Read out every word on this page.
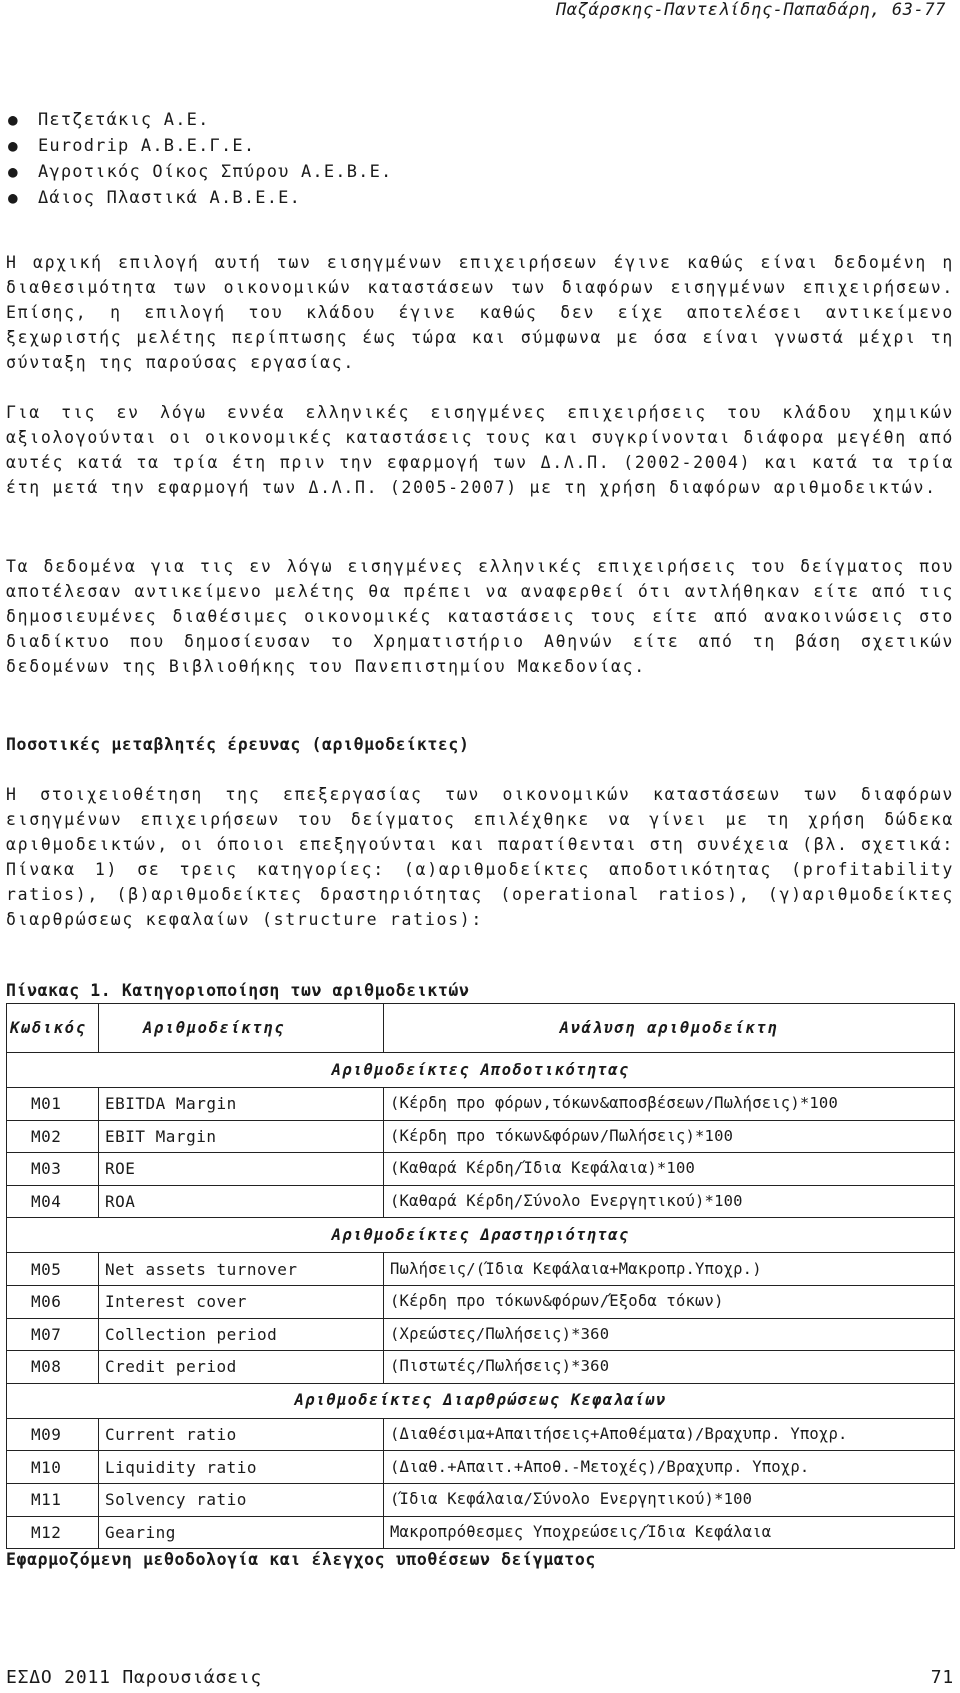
Παζάρσκης-Παντελίδης-Παπαδάρη, 63-77
● Πετζετάκις Α.Ε.
● Eurodrip Α.Β.Ε.Γ.Ε.
● Αγροτικός Οίκος Σπύρου Α.Ε.Β.Ε.
● Δάιος Πλαστικά Α.Β.Ε.Ε.

Η αρχική επιλογή αυτή των εισηγμένων επιχειρήσεων έγινε καθώς είναι δεδομένη η διαθεσιμότητα των οικονομικών καταστάσεων των διαφόρων εισηγμένων επιχειρήσεων. Επίσης, η επιλογή του κλάδου έγινε καθώς δεν είχε αποτελέσει αντικείμενο ξεχωριστής μελέτης περίπτωσης έως τώρα και σύμφωνα με όσα είναι γνωστά μέχρι τη σύνταξη της παρούσας εργασίας.

Για τις εν λόγω εννέα ελληνικές εισηγμένες επιχειρήσεις του κλάδου χημικών αξιολογούνται οι οικονομικές καταστάσεις τους και συγκρίνονται διάφορα μεγέθη από αυτές κατά τα τρία έτη πριν την εφαρμογή των Δ.Λ.Π. (2002-2004) και κατά τα τρία έτη μετά την εφαρμογή των Δ.Λ.Π. (2005-2007) με τη χρήση διαφόρων αριθμοδεικτών.

Τα δεδομένα για τις εν λόγω εισηγμένες ελληνικές επιχειρήσεις του δείγματος που αποτέλεσαν αντικείμενο μελέτης θα πρέπει να αναφερθεί ότι αντλήθηκαν είτε από τις δημοσιευμένες διαθέσιμες οικονομικές καταστάσεις τους είτε από ανακοινώσεις στο διαδίκτυο που δημοσίευσαν το Χρηματιστήριο Αθηνών είτε από τη βάση σχετικών δεδομένων της Βιβλιοθήκης του Πανεπιστημίου Μακεδονίας.

Ποσοτικές μεταβλητές έρευνας (αριθμοδείκτες)

Η στοιχειοθέτηση της επεξεργασίας των οικονομικών καταστάσεων των διαφόρων εισηγμένων επιχειρήσεων του δείγματος επιλέχθηκε να γίνει με τη χρήση δώδεκα αριθμοδεικτών, οι όποιοι επεξηγούνται και παρατίθενται στη συνέχεια (βλ. σχετικά: Πίνακα 1) σε τρεις κατηγορίες: (α)αριθμοδείκτες αποδοτικότητας (profitability ratios), (β)αριθμοδείκτες δραστηριότητας (operational ratios), (γ)αριθμοδείκτες διαρθρώσεως κεφαλαίων (structure ratios):

Πίνακας 1. Κατηγοριοποίηση των αριθμοδεικτών
Κωδικός	Αριθμοδείκτης	Ανάλυση αριθμοδείκτη
Αριθμοδείκτες Αποδοτικότητας		
M01	EBITDA Margin	(Κέρδη προ φόρων,τόκων&αποσβέσεων/Πωλήσεις)*100
M02	EBIT Margin	(Κέρδη προ τόκων&φόρων/Πωλήσεις)*100
M03	ROE	(Καθαρά Κέρδη/Ίδια Κεφάλαια)*100
M04	ROA	(Καθαρά Κέρδη/Σύνολο Ενεργητικού)*100
Αριθμοδείκτες Δραστηριότητας		
M05	Net assets turnover	Πωλήσεις/(Ίδια Κεφάλαια+Μακροπρ.Υποχρ.)
M06	Interest cover	(Κέρδη προ τόκων&φόρων/Έξοδα τόκων)
M07	Collection period	(Χρεώστες/Πωλήσεις)*360
M08	Credit period	(Πιστωτές/Πωλήσεις)*360
Αριθμοδείκτες Διαρθρώσεως Κεφαλαίων		
M09	Current ratio	(Διαθέσιμα+Απαιτήσεις+Αποθέματα)/Βραχυπρ. Υποχρ.
M10	Liquidity ratio	(Διαθ.+Απαιτ.+Αποθ.-Μετοχές)/Βραχυπρ. Υποχρ.
M11	Solvency ratio	(Ίδια Κεφάλαια/Σύνολο Ενεργητικού)*100
M12	Gearing	Μακροπρόθεσμες Υποχρεώσεις/Ίδια Κεφάλαια
Εφαρμοζόμενη μεθοδολογία και έλεγχος υποθέσεων δείγματος
ΕΣΔΟ 2011 Παρουσιάσεις	71
